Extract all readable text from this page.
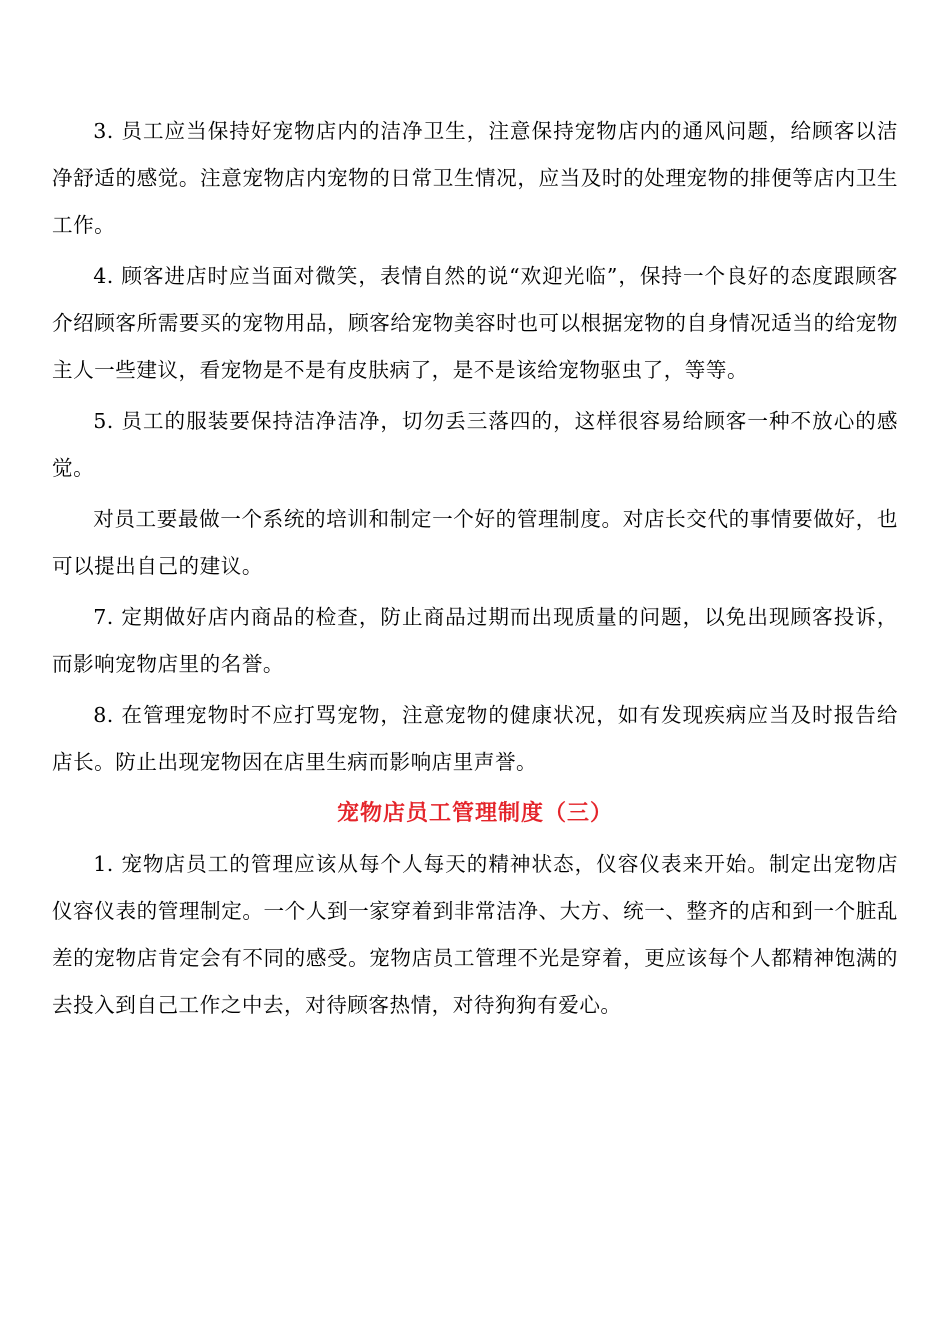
3. 员工应当保持好宠物店内的洁净卫生，注意保持宠物店内的通风问题，给顾客以洁净舒适的感觉。注意宠物店内宠物的日常卫生情况，应当及时的处理宠物的排便等店内卫生工作。

4. 顾客进店时应当面对微笑，表情自然的说“欢迎光临”，保持一个良好的态度跟顾客介绍顾客所需要买的宠物用品，顾客给宠物美容时也可以根据宠物的自身情况适当的给宠物主人一些建议，看宠物是不是有皮肤病了，是不是该给宠物驱虫了，等等。

5. 员工的服装要保持洁净洁净，切勿丢三落四的，这样很容易给顾客一种不放心的感觉。

对员工要最做一个系统的培训和制定一个好的管理制度。对店长交代的事情要做好，也可以提出自己的建议。

7. 定期做好店内商品的检查，防止商品过期而出现质量的问题，以免出现顾客投诉，而影响宠物店里的名誉。

8. 在管理宠物时不应打骂宠物，注意宠物的健康状况，如有发现疾病应当及时报告给店长。防止出现宠物因在店里生病而影响店里声誉。

宠物店员工管理制度（三）

1. 宠物店员工的管理应该从每个人每天的精神状态，仪容仪表来开始。制定出宠物店仪容仪表的管理制定。一个人到一家穿着到非常洁净、大方、统一、整齐的店和到一个脏乱差的宠物店肯定会有不同的感受。宠物店员工管理不光是穿着，更应该每个人都精神饱满的去投入到自己工作之中去，对待顾客热情，对待狗狗有爱心。
